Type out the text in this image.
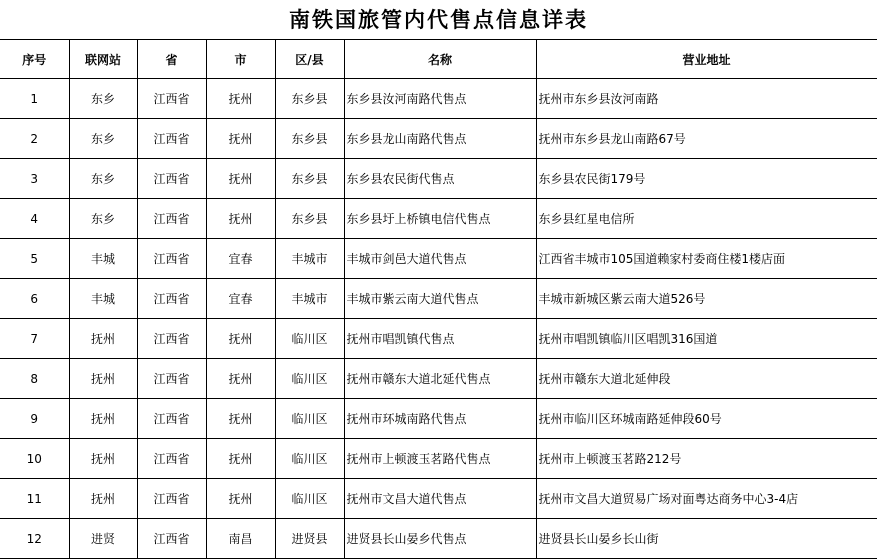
南铁国旅管内代售点信息详表
序号	联网站	省	市	区/县	名称	营业地址
1	东乡	江西省	抚州	东乡县	东乡县汝河南路代售点	抚州市东乡县汝河南路
2	东乡	江西省	抚州	东乡县	东乡县龙山南路代售点	抚州市东乡县龙山南路67号
3	东乡	江西省	抚州	东乡县	东乡县农民街代售点	东乡县农民街179号
4	东乡	江西省	抚州	东乡县	东乡县圩上桥镇电信代售点	东乡县红星电信所
5	丰城	江西省	宜春	丰城市	丰城市剑邑大道代售点	江西省丰城市105国道赖家村委商住楼1楼店面
6	丰城	江西省	宜春	丰城市	丰城市紫云南大道代售点	丰城市新城区紫云南大道526号
7	抚州	江西省	抚州	临川区	抚州市唱凯镇代售点	抚州市唱凯镇临川区唱凯316国道
8	抚州	江西省	抚州	临川区	抚州市赣东大道北延代售点	抚州市赣东大道北延伸段
9	抚州	江西省	抚州	临川区	抚州市环城南路代售点	抚州市临川区环城南路延伸段60号
10	抚州	江西省	抚州	临川区	抚州市上顿渡玉茗路代售点	抚州市上顿渡玉茗路212号
11	抚州	江西省	抚州	临川区	抚州市文昌大道代售点	抚州市文昌大道贸易广场对面粤达商务中心3-4店
12	进贤	江西省	南昌	进贤县	进贤县长山晏乡代售点	进贤县长山晏乡长山街
